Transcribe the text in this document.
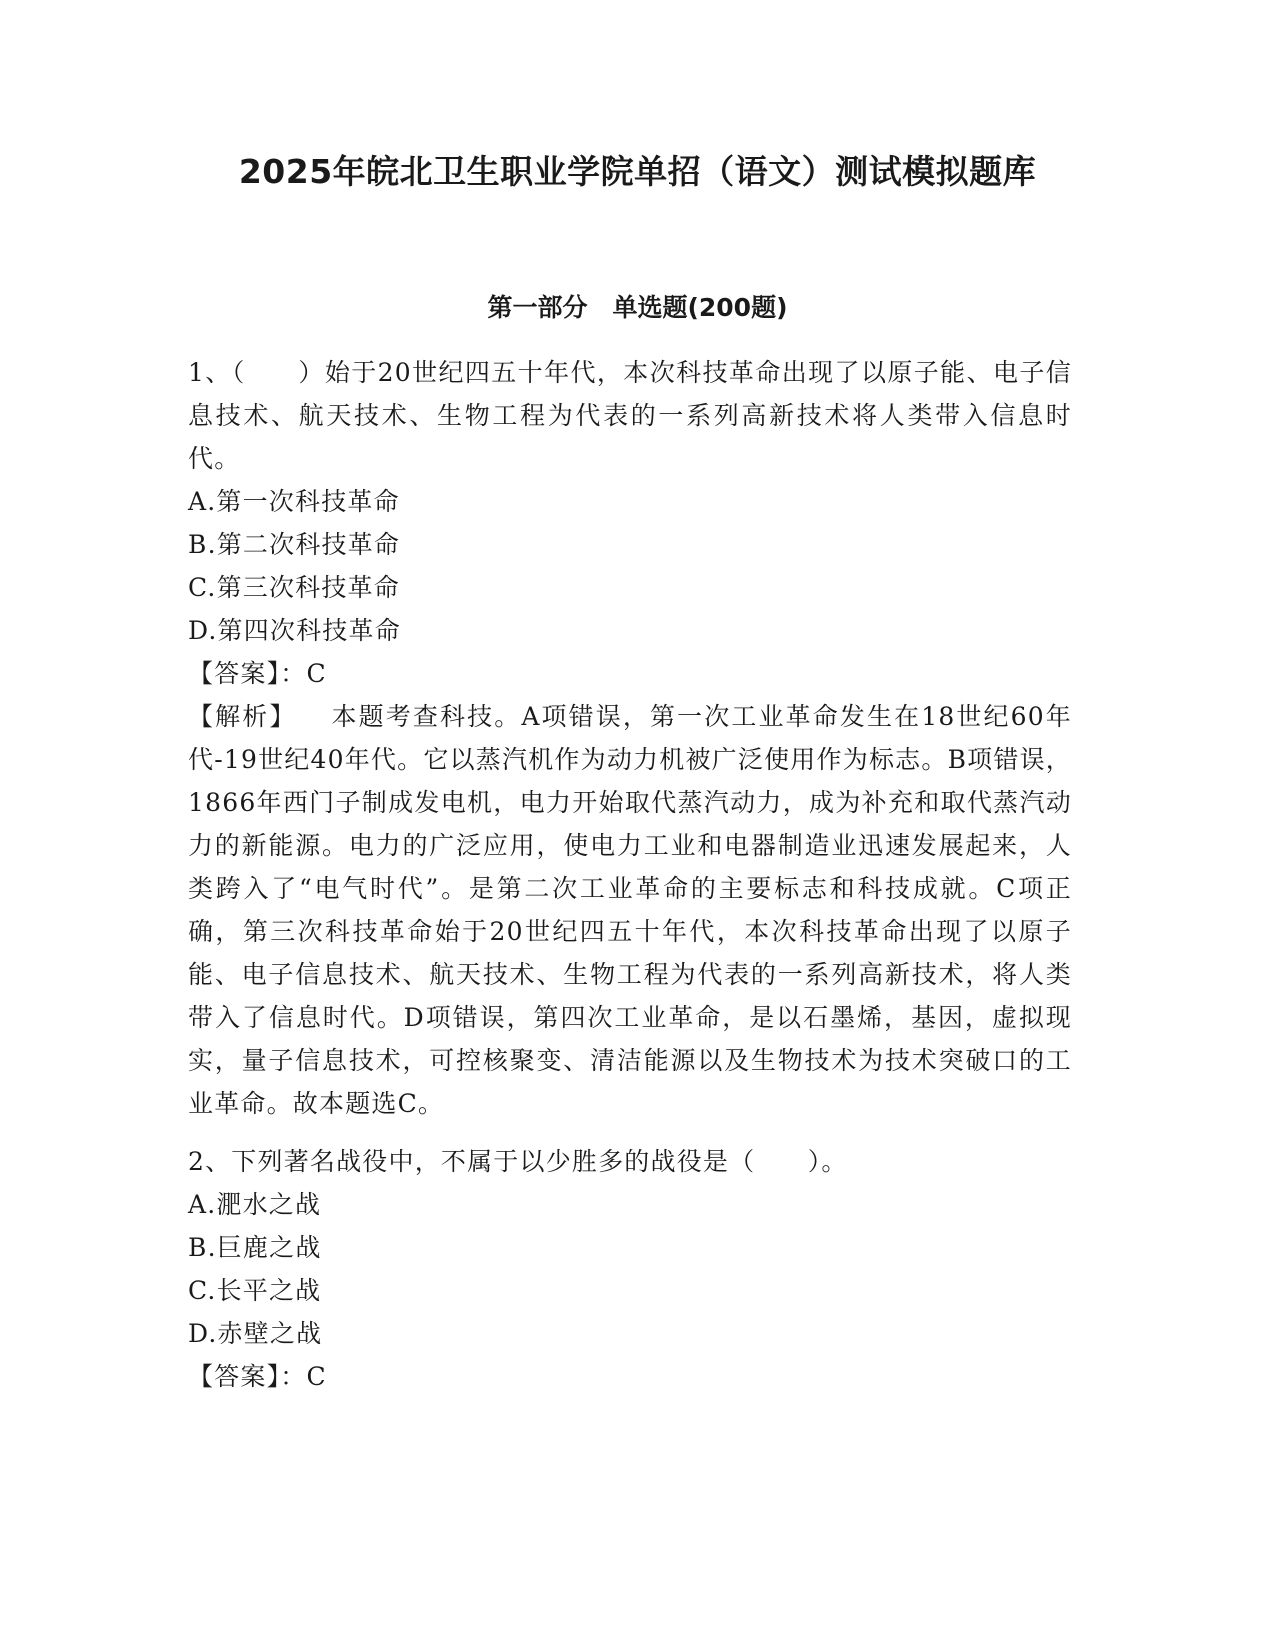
2025年皖北卫生职业学院单招（语文）测试模拟题库
第一部分　单选题(200题)

1、（　　）始于20世纪四五十年代，本次科技革命出现了以原子能、电子信息技术、航天技术、生物工程为代表的一系列高新技术将人类带入信息时代。

A.第一次科技革命

B.第二次科技革命

C.第三次科技革命

D.第四次科技革命

【答案】：C

【解析】 本题考查科技。A项错误，第一次工业革命发生在18世纪60年代-19世纪40年代。它以蒸汽机作为动力机被广泛使用作为标志。B项错误，1866年西门子制成发电机，电力开始取代蒸汽动力，成为补充和取代蒸汽动力的新能源。电力的广泛应用，使电力工业和电器制造业迅速发展起来，人类跨入了“电气时代”。是第二次工业革命的主要标志和科技成就。C项正确，第三次科技革命始于20世纪四五十年代，本次科技革命出现了以原子能、电子信息技术、航天技术、生物工程为代表的一系列高新技术，将人类带入了信息时代。D项错误，第四次工业革命，是以石墨烯，基因，虚拟现实，量子信息技术，可控核聚变、清洁能源以及生物技术为技术突破口的工业革命。故本题选C。

2、下列著名战役中，不属于以少胜多的战役是（　　）。

A.淝水之战

B.巨鹿之战

C.长平之战

D.赤壁之战

【答案】：C
